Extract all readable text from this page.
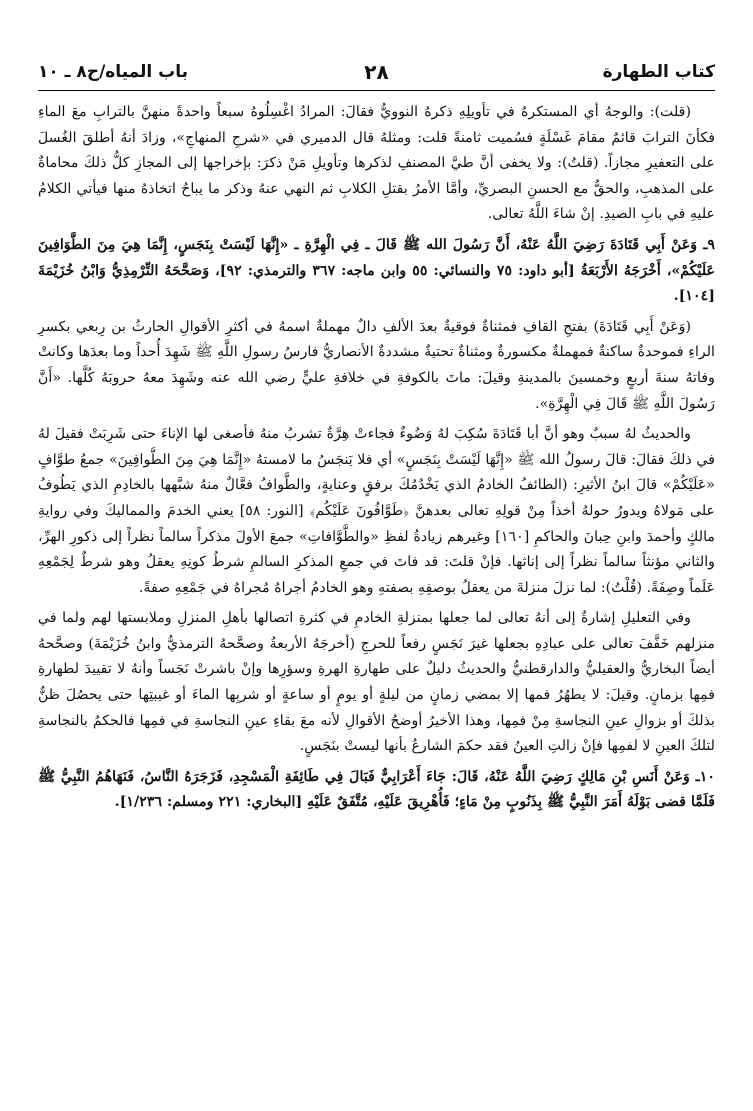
كتاب الطهارة
٢٨
باب المياه/ح٨ ـ ١٠

(قلت): والوجهُ أي المستكرهُ في تأويلِهِ ذكرهُ النوويُّ فقالَ: المرادُ اغْسِلُوهُ سبعاً واحدةً منهنَّ بالترابِ معَ الماءِ فكأنَ الترابَ قائمٌ مقامَ غَسْلَةٍ فسُميت ثامنةً قلت: ومثلهُ قال الدميري في «شرحِ المنهاجِ»، وزادَ أنهُ أطلقَ الغُسلَ على التعفيرِ مجازاً. (قلتُ): ولا يخفى أنَّ طيَّ المصنفِ لذكرها وتأويلِ مَنْ ذكرَ: بإخراجها إلى المجازِ كلُّ ذلكَ محاماةٌ على المذهبِ، والحقُّ مع الحسنِ البصريِّ، وأمَّا الأمرُ بقتلِ الكلابِ ثم النهي عنهُ وذكر ما يباحُ اتخاذهُ منها فيأتي الكلامُ عليهِ في بابِ الصيدِ. إنْ شاءَ اللَّهُ تعالى.

٩ـ وَعَنْ أَبِي قَتَادَةَ رَضِيَ اللَّهُ عَنْهُ، أَنَّ رَسُولَ الله ﷺ قَالَ ـ فِي الْهِرَّةِ ـ «إِنَّهَا لَيْسَتْ بِنَجَسٍ، إِنَّمَا هِيَ مِنَ الطَّوَافِينَ عَلَيْكُمْ»، أَخْرَجَهُ الأَرْبَعَةُ [أبو داود: ٧٥ والنسائي: ٥٥ وابن ماجه: ٣٦٧ والترمذي: ٩٢]، وَصَحَّحَهُ التِّرْمِذِيُّ وَابْنُ خُزَيْمَةَ [١٠٤].

(وَعَنْ أَبِي قَتَادَةَ) بفتحِ القافِ فمثناةٌ فوقيةٌ بعدَ الألفِ دالٌ مهملةٌ اسمهُ في أكثرِ الأقوالِ الحارثُ بن رِبعي بكسرِ الراءِ فموحدةٌ ساكنةٌ فمهملةٌ مكسورةٌ ومثناةٌ تحتيةٌ مشددةٌ الأنصاريُّ فارسُ رسولِ اللَّهِ ﷺ شَهِدَ أُحداً وما بعدَها وكانتْ وفاتهُ سنةَ أربعٍ وخمسينَ بالمدينةِ وقيلَ: ماتَ بالكوفةِ في خلافةِ عليٍّ رضي الله عنه وشَهِدَ معهُ حروبَهُ كُلَّها. «أَنَّ رَسُولَ اللَّهِ ﷺ قَالَ فِي الْهِرَّةِ».

والحديثُ لهُ سببٌ وهو أنَّ أبا قَتَادَةَ سُكِبَ لهُ وَضُوءٌ فجاءتْ هِرَّةٌ تشربُ منهُ فأصغى لها الإناءَ حتى شَرِبَتْ فقيلَ لهُ في ذلكَ فقالَ: قالَ رسولُ الله ﷺ «إِنَّهَا لَيْسَتْ بِنَجَسٍ» أي فلا يَنجَسُ ما لامستهُ «إِنَّمَا هِيَ مِنَ الطَّوافِينَ» جمعُ طوَّافٍ «عَلَيْكُمْ» قالَ ابنُ الأثيرِ: (الطائفُ الخادمُ الذي يَخْدُمُكَ برفقٍ وعنايةٍ، والطَّوافُ فعَّالٌ منهُ شبَّهها بالخادِمِ الذي يَطُوفُ على مَولاهُ ويدورُ حولهُ أخذاً مِنْ قولِهِ تعالى بعدهنَّ ﴿طَوَّافُونَ عَلَيْكُم﴾ [النور: ٥٨] يعني الخدمَ والمماليكَ وفي روايةِ مالكٍ وأحمدَ وابنِ حِبانَ والحاكمِ [١٦٠] وغيرهم زيادةُ لفظِ «والطَّوَّافاتِ» جمعَ الأولَ مذكراً سالماً نظراً إلى ذكورِ الهرِّ، والثاني مؤنثاً سالماً نظراً إلى إناثها. فإنْ قلتَ: قد فاتَ في جمعِ المذكرِ السالمِ شرطُ كونِهِ يعقلُ وهو شرطٌ لِجَمْعِهِ عَلَماً وصِفَةً. (قُلْتُ): لما نزلَ منزلةَ من يعقلُ بوصفِهِ بصفتهِ وهو الخادمُ أجراهُ مُجراهُ في جَمْعِهِ صفةً.

وفي التعليلِ إشارةٌ إلى أنهُ تعالى لما جعلها بمنزلةِ الخادمِ في كثرةِ اتصالها بأهلِ المنزلِ وملابستها لهم ولما في منزلهم خَفَّفَ تعالى على عبادِهِ بجعلها غيرَ نَجَسٍ رفعاً للحرجِ (أخرجَهُ الأربعةُ وصحَّحهُ الترمذيُّ وابنُ خُزَيْمَةَ) وصحَّحهُ أيضاً البخاريُّ والعقيليُّ والدارقطنيُّ والحديثُ دليلٌ على طهارةِ الهرةِ وسؤرِها وإنْ باشرتْ نَجَساً وأنهُ لا تقييدَ لطهارةِ فمِها بزمانٍ. وقيلَ: لا يطهُرُ فمها إلا بمضي زمانٍ من ليلةٍ أو يومٍ أو ساعةٍ أو شربِها الماءَ أو غيبتِها حتى يحصُلَ ظنٌّ بذلكَ أو بزوالِ عينِ النجاسةِ مِنْ فمِها، وهذا الأخيرُ أوضحُ الأقوالِ لأنه معَ بقاءِ عينِ النجاسةِ في فمِها فالحكمُ بالنجاسةِ لتلكَ العينِ لا لفمِها فإنْ زالتِ العينُ فقد حكمَ الشارعُ بأنها ليستْ بنَجَسٍ.

١٠ـ وَعَنْ أَنَسِ بْنِ مَالِكٍ رَضِيَ اللَّهُ عَنْهُ، قَالَ: جَاءَ أَعْرَابِيٌّ فَبَالَ فِي طَائِفَةِ الْمَسْجِدِ، فَزَجَرَهُ النَّاسُ، فَنَهَاهُمُ النَّبِيُّ ﷺ فَلَمَّا قضى بَوْلَهُ أَمَرَ النَّبِيُّ ﷺ بِذَنُوبٍ مِنْ مَاءٍ؛ فَأُهْرِيقَ عَلَيْهِ، مُتَّفَقٌ عَلَيْهِ [البخاري: ٢٢١ ومسلم: ١/٢٣٦].
